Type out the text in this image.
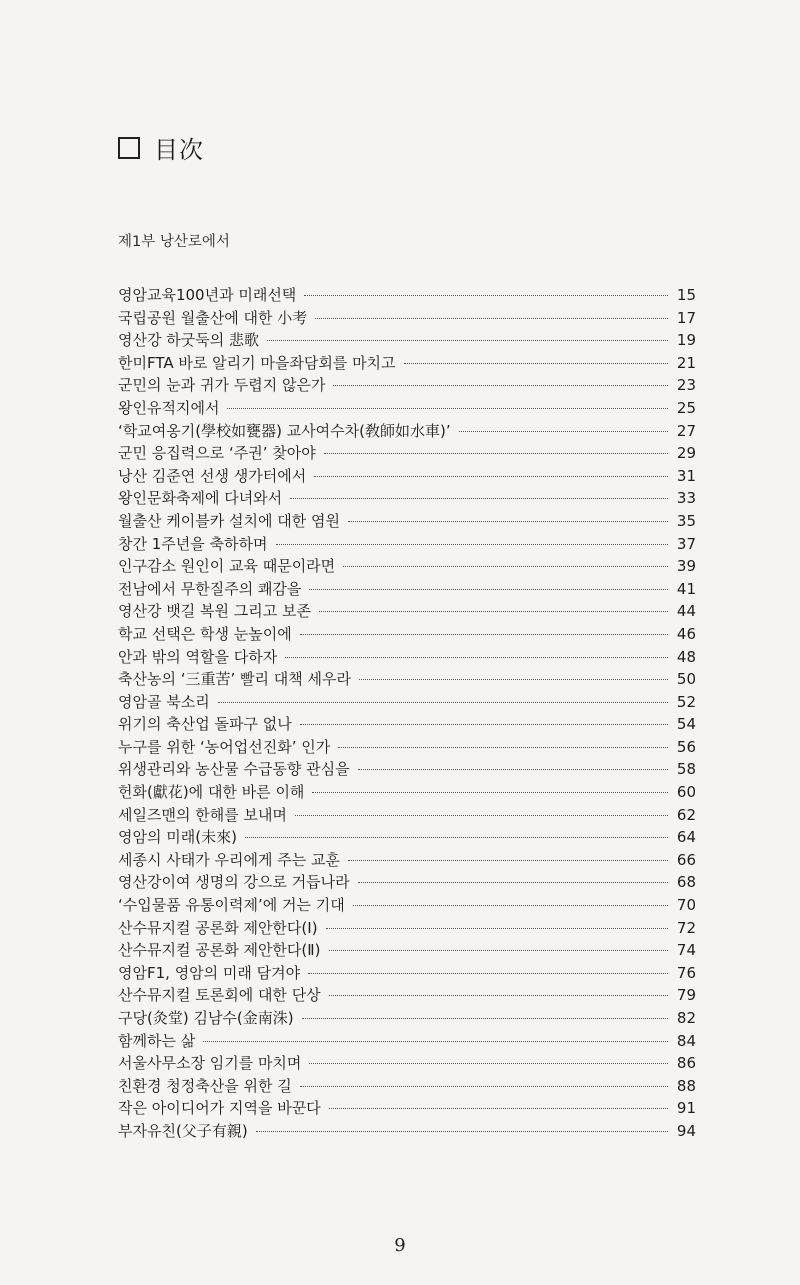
目次
제1부 낭산로에서
영암교육100년과 미래선택	15
국립공원 월출산에 대한 小考	17
영산강 하굿둑의 悲歌	19
한미FTA 바로 알리기 마을좌담회를 마치고	21
군민의 눈과 귀가 두렵지 않은가	23
왕인유적지에서	25
‘학교여옹기(學校如甕器) 교사여수차(敎師如水車)’	27
군민 응집력으로 ‘주권’ 찾아야	29
낭산 김준연 선생 생가터에서	31
왕인문화축제에 다녀와서	33
월출산 케이블카 설치에 대한 염원	35
창간 1주년을 축하하며	37
인구감소 원인이 교육 때문이라면	39
전남에서 무한질주의 쾌감을	41
영산강 뱃길 복원 그리고 보존	44
학교 선택은 학생 눈높이에	46
안과 밖의 역할을 다하자	48
축산농의 ‘三重苦’ 빨리 대책 세우라	50
영암골 북소리	52
위기의 축산업 돌파구 없나	54
누구를 위한 ‘농어업선진화’ 인가	56
위생관리와 농산물 수급동향 관심을	58
헌화(獻花)에 대한 바른 이해	60
세일즈맨의 한해를 보내며	62
영암의 미래(未來)	64
세종시 사태가 우리에게 주는 교훈	66
영산강이여 생명의 강으로 거듭나라	68
‘수입물품 유통이력제’에 거는 기대	70
산수뮤지컬 공론화 제안한다(Ⅰ)	72
산수뮤지컬 공론화 제안한다(Ⅱ)	74
영암F1, 영암의 미래 담겨야	76
산수뮤지컬 토론회에 대한 단상	79
구당(灸堂) 김남수(金南洙)	82
함께하는 삶	84
서울사무소장 임기를 마치며	86
친환경 청정축산을 위한 길	88
작은 아이디어가 지역을 바꾼다	91
부자유친(父子有親)	94
9
